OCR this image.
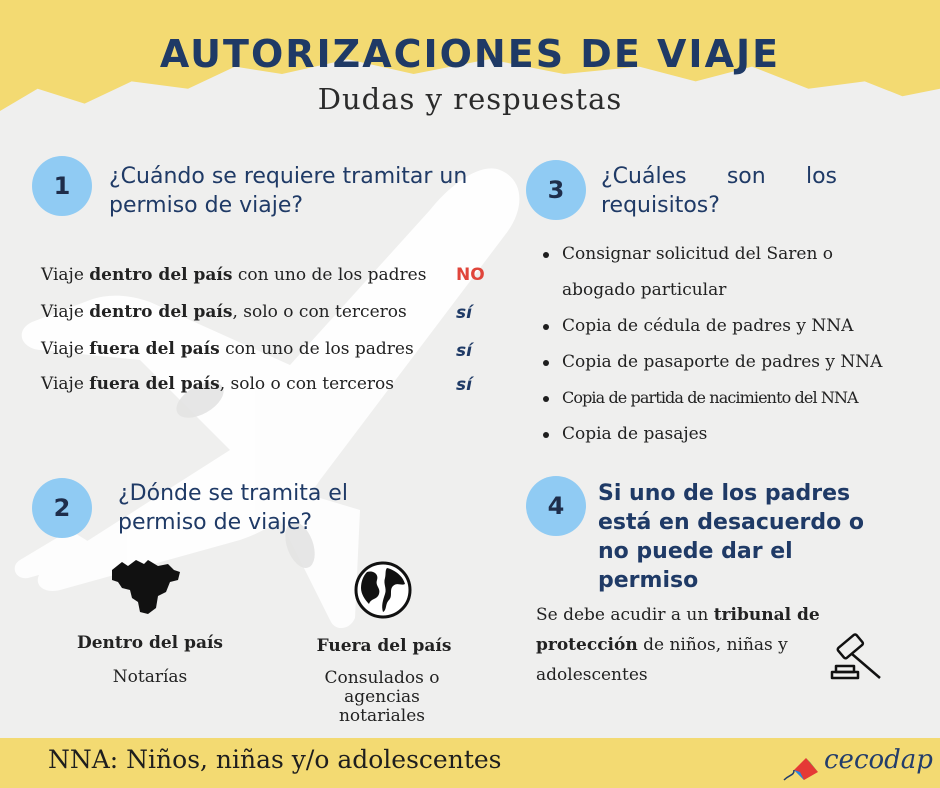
AUTORIZACIONES DE VIAJE
Dudas y respuestas
1	¿Cuándo se requiere tramitar un permiso de viaje?
Viaje dentro del país con uno de los padres NO
Viaje dentro del país, solo o con terceros	sí
Viaje fuera del país con uno de los padres sí
Viaje fuera del país, solo o con terceros	sí
3	¿Cuáles son los requisitos?
Consignar solicitud del Saren o
abogado particular
Copia de cédula de padres y NNA
Copia de pasaporte de padres y NNA
Copia de partida de nacimiento del NNA
Copia de pasajes
2
¿Dónde se tramita el permiso de viaje?
Dentro del país
Notarías
Fuera del país
Consulados o agencias notariales
4	Si uno de los padres está en desacuerdo o no puede dar el permiso
Se debe acudir a un tribunal de protección de niños, niñas y adolescentes
NNA: Niños, niñas y/o adolescentes	cecodap
